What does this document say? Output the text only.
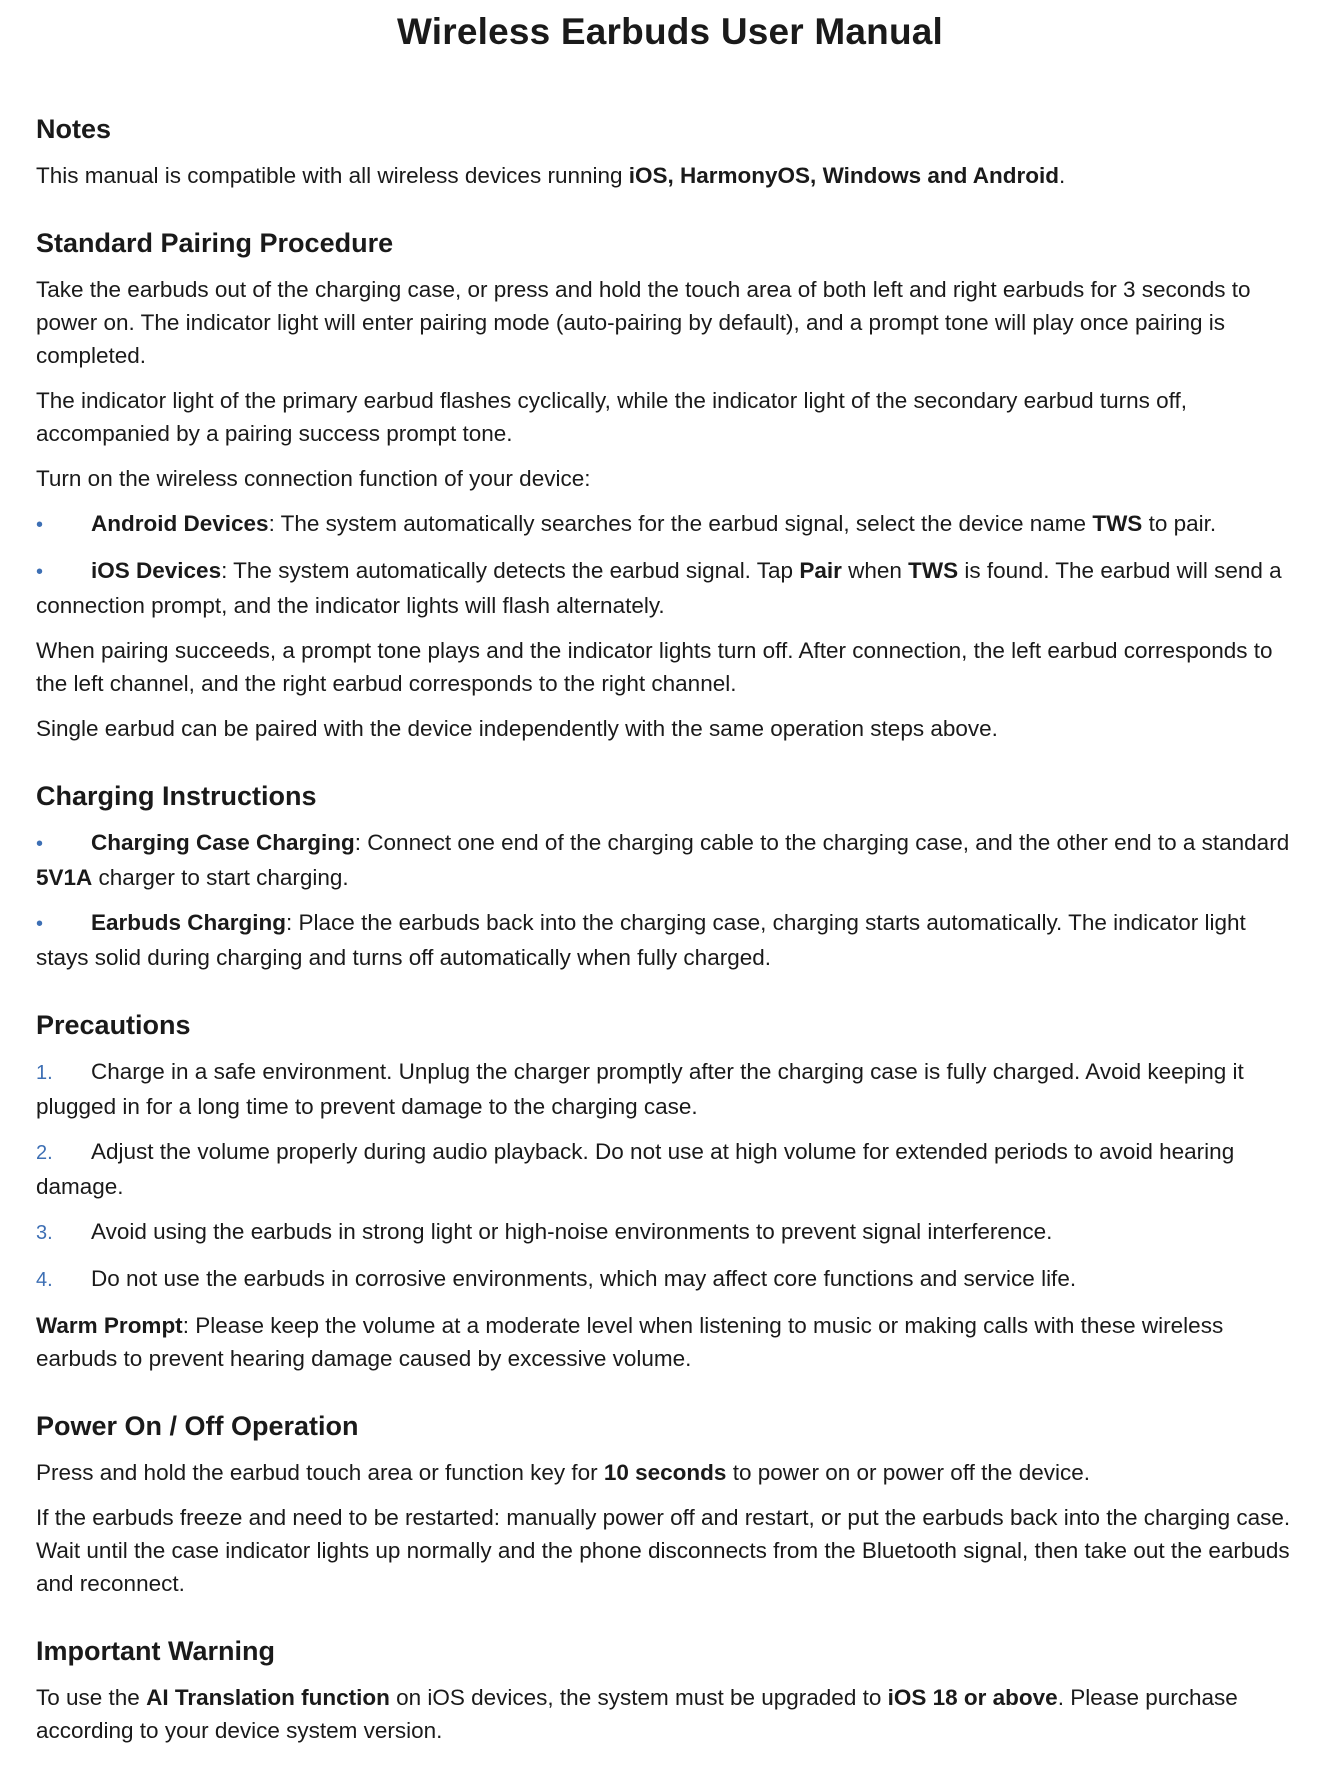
Wireless Earbuds User Manual
Notes

This manual is compatible with all wireless devices running iOS, HarmonyOS, Windows and Android.

Standard Pairing Procedure

Take the earbuds out of the charging case, or press and hold the touch area of both left and right earbuds for 3 seconds to power on. The indicator light will enter pairing mode (auto-pairing by default), and a prompt tone will play once pairing is completed.

The indicator light of the primary earbud flashes cyclically, while the indicator light of the secondary earbud turns off, accompanied by a pairing success prompt tone.

Turn on the wireless connection function of your device:

• Android Devices: The system automatically searches for the earbud signal, select the device name TWS to pair.

• iOS Devices: The system automatically detects the earbud signal. Tap Pair when TWS is found. The earbud will send a connection prompt, and the indicator lights will flash alternately.

When pairing succeeds, a prompt tone plays and the indicator lights turn off. After connection, the left earbud corresponds to the left channel, and the right earbud corresponds to the right channel.

Single earbud can be paired with the device independently with the same operation steps above.

Charging Instructions

• Charging Case Charging: Connect one end of the charging cable to the charging case, and the other end to a standard 5V1A charger to start charging.

• Earbuds Charging: Place the earbuds back into the charging case, charging starts automatically. The indicator light stays solid during charging and turns off automatically when fully charged.

Precautions

1. Charge in a safe environment. Unplug the charger promptly after the charging case is fully charged. Avoid keeping it plugged in for a long time to prevent damage to the charging case.

2. Adjust the volume properly during audio playback. Do not use at high volume for extended periods to avoid hearing damage.

3. Avoid using the earbuds in strong light or high-noise environments to prevent signal interference.

4. Do not use the earbuds in corrosive environments, which may affect core functions and service life.

Warm Prompt: Please keep the volume at a moderate level when listening to music or making calls with these wireless earbuds to prevent hearing damage caused by excessive volume.

Power On / Off Operation

Press and hold the earbud touch area or function key for 10 seconds to power on or power off the device.

If the earbuds freeze and need to be restarted: manually power off and restart, or put the earbuds back into the charging case. Wait until the case indicator lights up normally and the phone disconnects from the Bluetooth signal, then take out the earbuds and reconnect.

Important Warning

To use the AI Translation function on iOS devices, the system must be upgraded to iOS 18 or above. Please purchase according to your device system version.
